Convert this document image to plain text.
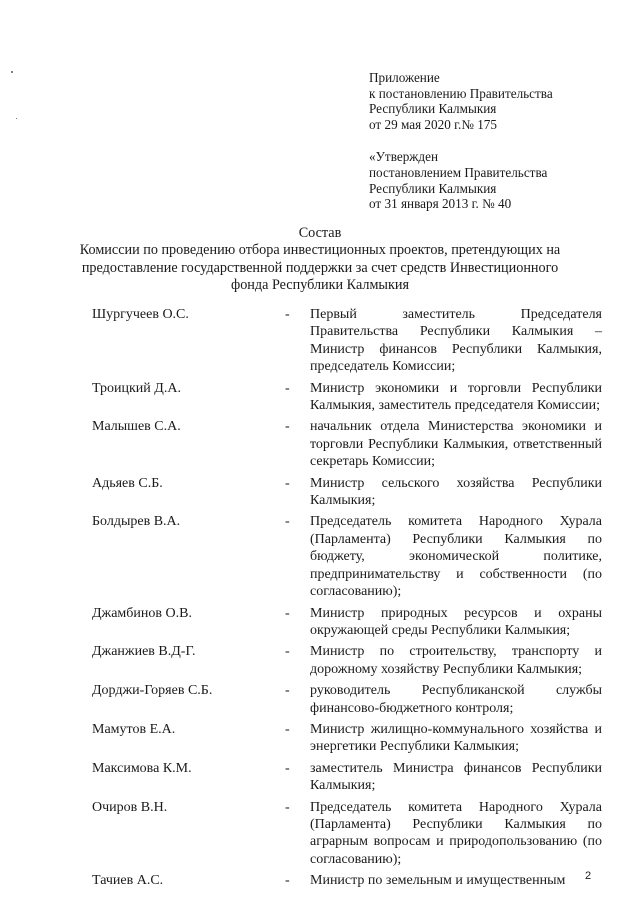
Приложение
к постановлению Правительства
Республики Калмыкия
от 29 мая 2020 г.№ 175
«Утвержден
постановлением Правительства
Республики Калмыкия
от 31 января 2013 г. № 40
Состав
Комиссии по проведению отбора инвестиционных проектов, претендующих на
предоставление государственной поддержки за счет средств Инвестиционного
фонда Республики Калмыкия
Шургучеев О.С.	-	Первый заместитель Председателя Правительства Республики Калмыкия – Министр финансов Республики Калмыкия, председатель Комиссии;
Троицкий Д.А.	-	Министр экономики и торговли Республики Калмыкия, заместитель председателя Комиссии;
Малышев С.А.	-	начальник отдела Министерства экономики и торговли Республики Калмыкия, ответственный секретарь Комиссии;
Адьяев С.Б.	-	Министр сельского хозяйства Республики Калмыкия;
Болдырев В.А.	-	Председатель комитета Народного Хурала (Парламента) Республики Калмыкия по бюджету, экономической политике, предпринимательству и собственности (по согласованию);
Джамбинов О.В.	-	Министр природных ресурсов и охраны окружающей среды Республики Калмыкия;
Джанжиев В.Д-Г.	-	Министр по строительству, транспорту и дорожному хозяйству Республики Калмыкия;
Дорджи-Горяев С.Б.	-	руководитель Республиканской службы финансово-бюджетного контроля;
Мамутов Е.А.	-	Министр жилищно-коммунального хозяйства и энергетики Республики Калмыкия;
Максимова К.М.	-	заместитель Министра финансов Республики Калмыкия;
Очиров В.Н.	-	Председатель комитета Народного Хурала (Парламента) Республики Калмыкия по аграрным вопросам и природопользованию (по согласованию);
Тачиев А.С.	-	Министр по земельным и имущественным	2
